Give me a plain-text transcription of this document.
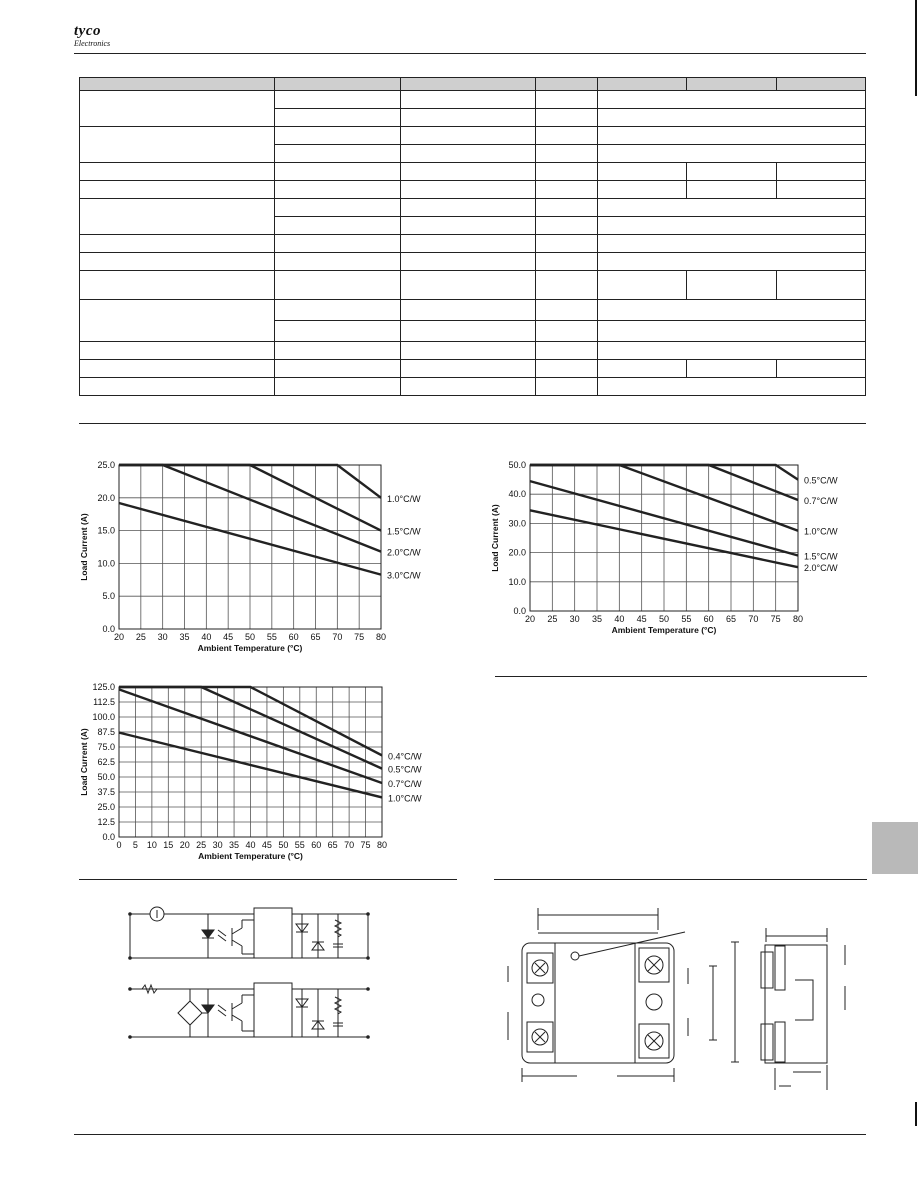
tyco
Electronics

20 25 30 35 40 45 50 55 60 65 70 75 80
0.0
5.0
10.0
15.0
20.0
25.0
1.0°C/W
1.5°C/W
2.0°C/W
3.0°C/W
Ambient Temperature (°C)
Load Current (A)
20 25 30 35 40 45 50 55 60 65 70 75 80
0.0
10.0
20.0
30.0
40.0
50.0
0.5°C/W
0.7°C/W
1.0°C/W
1.5°C/W
2.0°C/W
Ambient Temperature (°C)
Load Current (A)
0 5 10 15 20 25 30 35 40 45 50 55 60 65 70 75 80
0.0
12.5
25.0
37.5
50.0
62.5
75.0
87.5
100.0
112.5
125.0
0.4°C/W
0.5°C/W
0.7°C/W
1.0°C/W
Ambient Temperature (°C)
Load Current (A)
